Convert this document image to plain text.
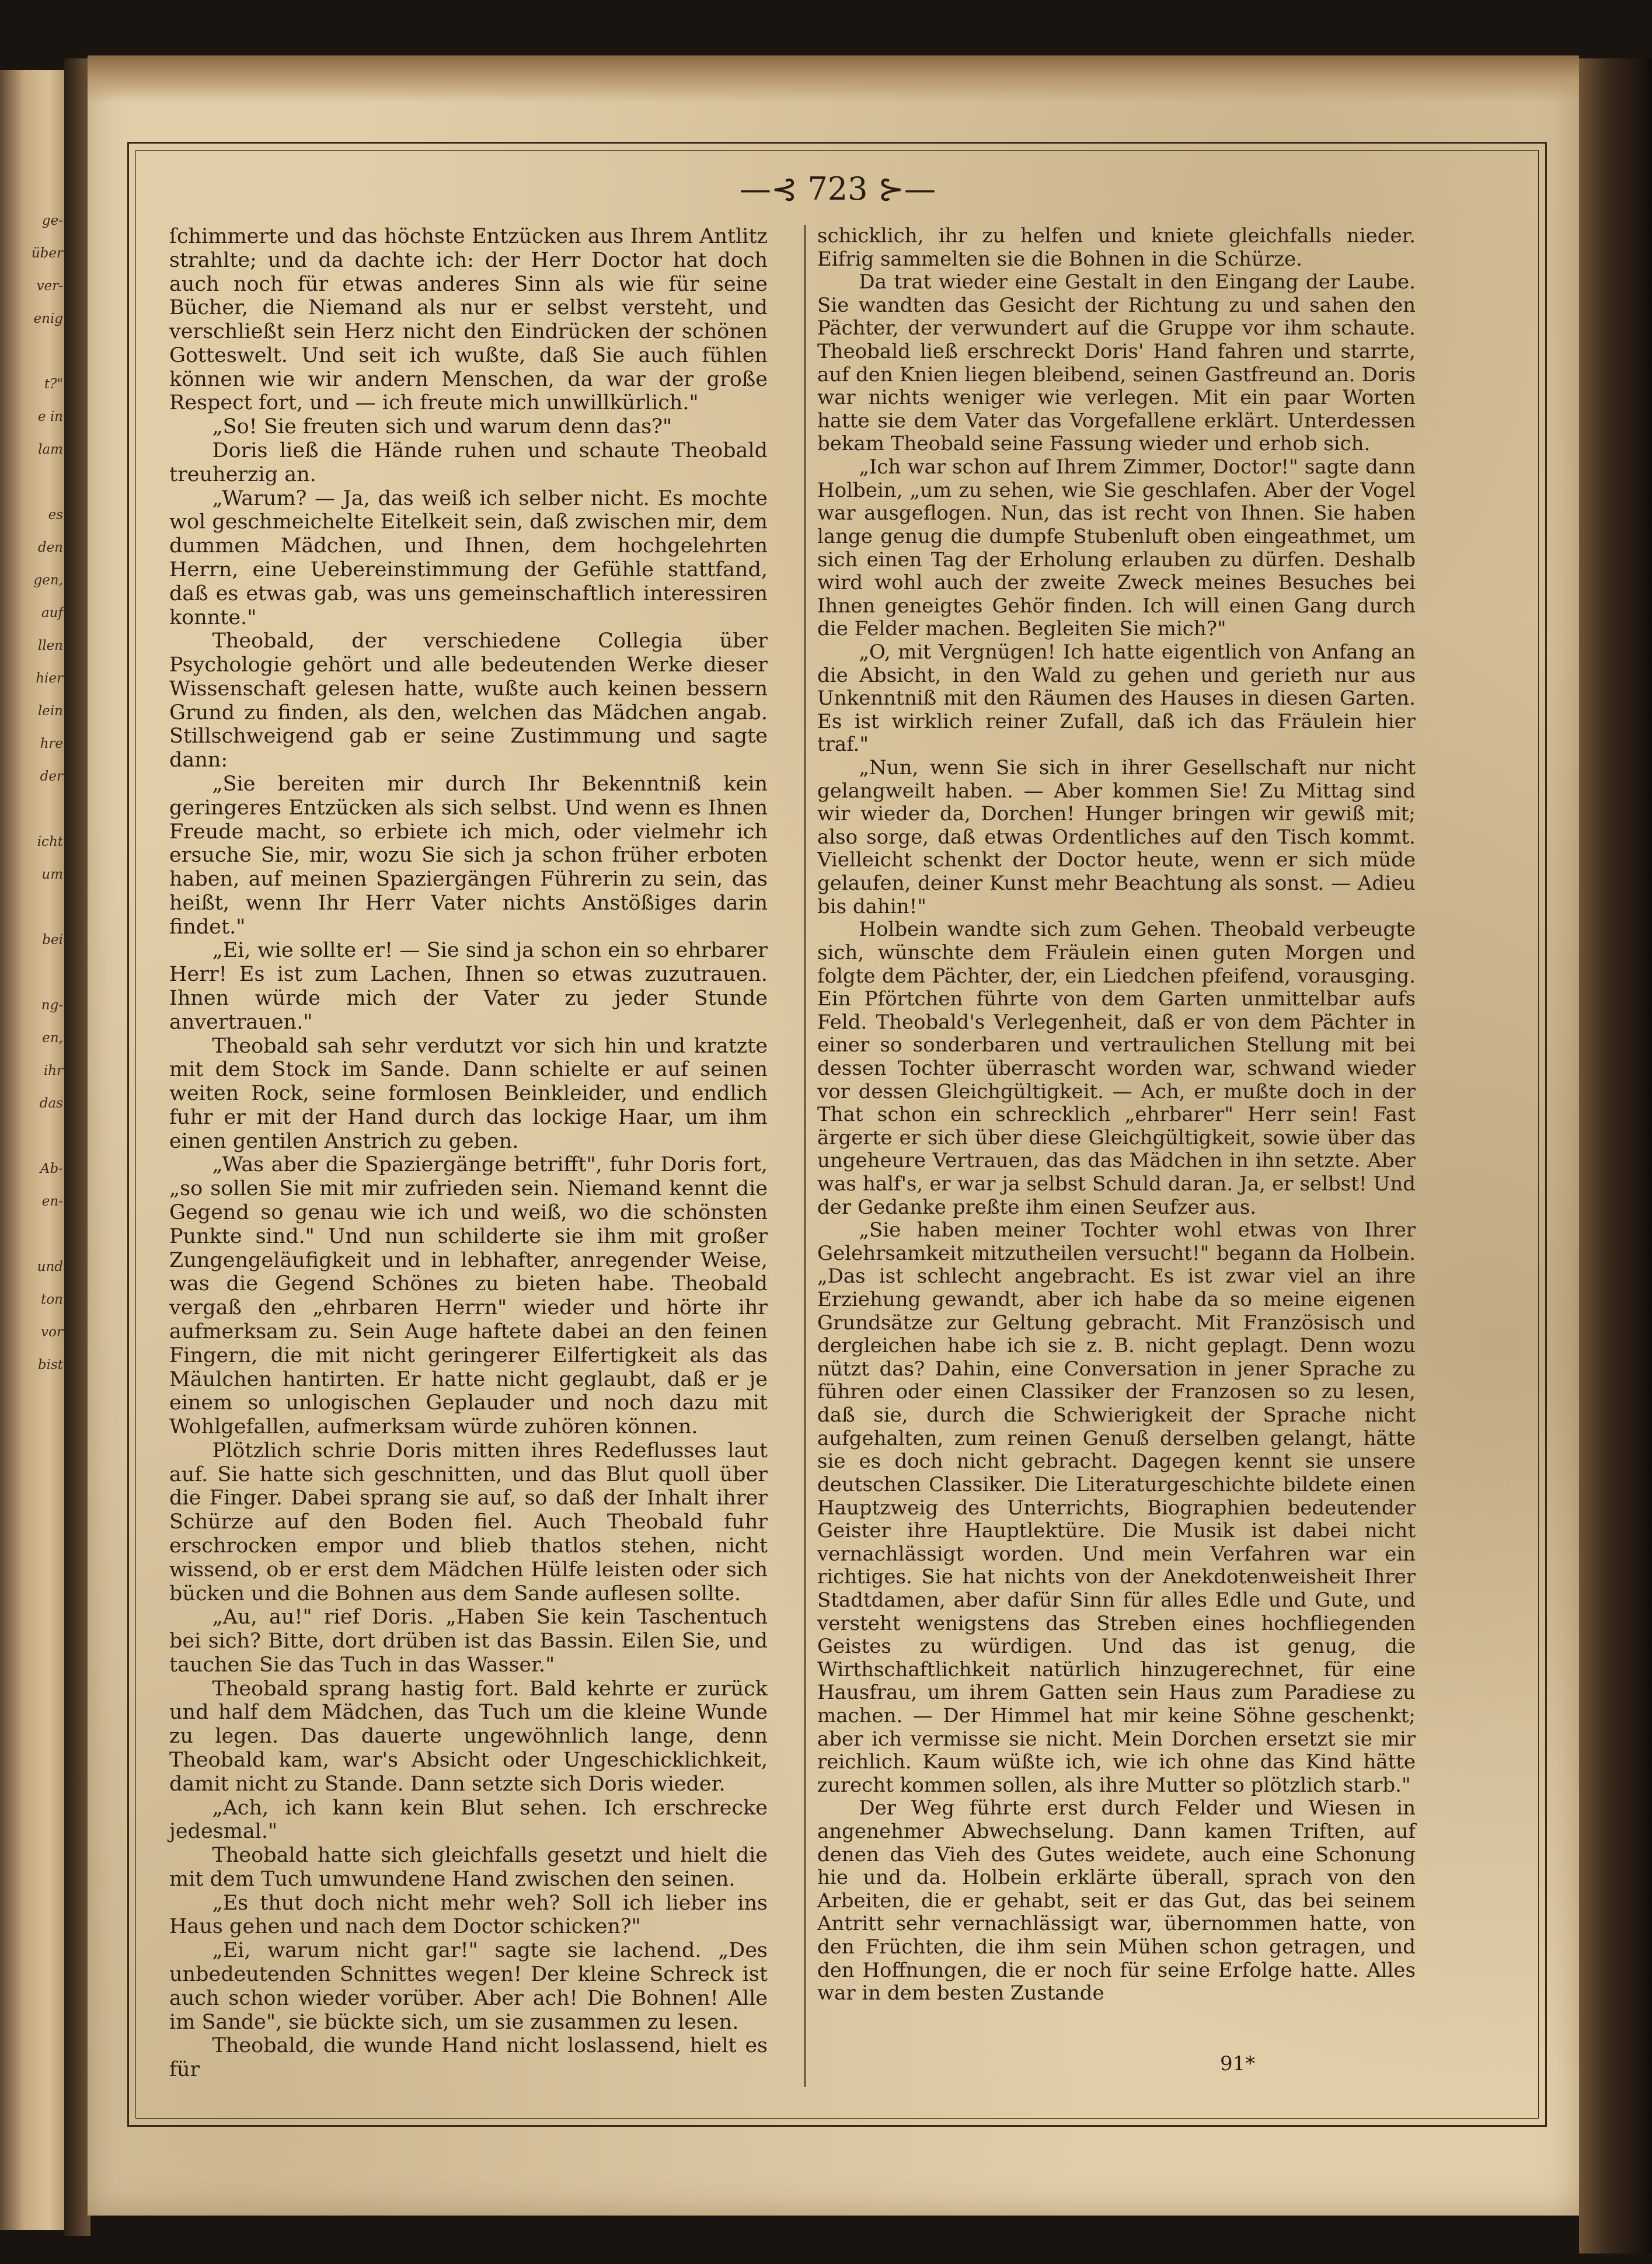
ge-
über
ver-
enig

t?"
e in
lam

es
den
gen,
auf
llen
hier
lein
hre
der

icht
um

bei

ng-
en,
ihr
das

Ab-
en-

und
ton
vor
bist
—⊰ 723 ⊱—

ſchimmerte und das höchste Entzücken aus Ihrem Antlitz strahlte; und da dachte ich: der Herr Doctor hat doch auch noch für etwas anderes Sinn als wie für seine Bücher, die Niemand als nur er selbst versteht, und verschließt sein Herz nicht den Eindrücken der schönen Gotteswelt. Und seit ich wußte, daß Sie auch fühlen können wie wir andern Menschen, da war der große Respect fort, und — ich freute mich unwillkürlich."

„So! Sie freuten sich und warum denn das?"

Doris ließ die Hände ruhen und schaute Theobald treuherzig an.

„Warum? — Ja, das weiß ich selber nicht. Es mochte wol geschmeichelte Eitelkeit sein, daß zwischen mir, dem dummen Mädchen, und Ihnen, dem hochgelehrten Herrn, eine Uebereinstimmung der Gefühle stattfand, daß es etwas gab, was uns gemeinschaftlich interessiren konnte."

Theobald, der verschiedene Collegia über Psychologie gehört und alle bedeutenden Werke dieser Wissenschaft gelesen hatte, wußte auch keinen bessern Grund zu finden, als den, welchen das Mädchen angab. Stillschweigend gab er seine Zustimmung und sagte dann:

„Sie bereiten mir durch Ihr Bekenntniß kein geringeres Entzücken als sich selbst. Und wenn es Ihnen Freude macht, so erbiete ich mich, oder vielmehr ich ersuche Sie, mir, wozu Sie sich ja schon früher erboten haben, auf meinen Spaziergängen Führerin zu sein, das heißt, wenn Ihr Herr Vater nichts Anstößiges darin findet."

„Ei, wie sollte er! — Sie sind ja schon ein so ehrbarer Herr! Es ist zum Lachen, Ihnen so etwas zuzutrauen. Ihnen würde mich der Vater zu jeder Stunde anvertrauen."

Theobald sah sehr verdutzt vor sich hin und kratzte mit dem Stock im Sande. Dann schielte er auf seinen weiten Rock, seine formlosen Beinkleider, und endlich fuhr er mit der Hand durch das lockige Haar, um ihm einen gentilen Anstrich zu geben.

„Was aber die Spaziergänge betrifft", fuhr Doris fort, „so sollen Sie mit mir zufrieden sein. Niemand kennt die Gegend so genau wie ich und weiß, wo die schönsten Punkte sind." Und nun schilderte sie ihm mit großer Zungengeläufigkeit und in lebhafter, anregender Weise, was die Gegend Schönes zu bieten habe. Theobald vergaß den „ehrbaren Herrn" wieder und hörte ihr aufmerksam zu. Sein Auge haftete dabei an den feinen Fingern, die mit nicht geringerer Eilfertigkeit als das Mäulchen hantirten. Er hatte nicht geglaubt, daß er je einem so unlogischen Geplauder und noch dazu mit Wohlgefallen, aufmerksam würde zuhören können.

Plötzlich schrie Doris mitten ihres Redeflusses laut auf. Sie hatte sich geschnitten, und das Blut quoll über die Finger. Dabei sprang sie auf, so daß der Inhalt ihrer Schürze auf den Boden fiel. Auch Theobald fuhr erschrocken empor und blieb thatlos stehen, nicht wissend, ob er erst dem Mädchen Hülfe leisten oder sich bücken und die Bohnen aus dem Sande auflesen sollte.

„Au, au!" rief Doris. „Haben Sie kein Taschentuch bei sich? Bitte, dort drüben ist das Bassin. Eilen Sie, und tauchen Sie das Tuch in das Wasser."

Theobald sprang hastig fort. Bald kehrte er zurück und half dem Mädchen, das Tuch um die kleine Wunde zu legen. Das dauerte ungewöhnlich lange, denn Theobald kam, war's Absicht oder Ungeschicklichkeit, damit nicht zu Stande. Dann setzte sich Doris wieder.

„Ach, ich kann kein Blut sehen. Ich erschrecke jedesmal."

Theobald hatte sich gleichfalls gesetzt und hielt die mit dem Tuch umwundene Hand zwischen den seinen.

„Es thut doch nicht mehr weh? Soll ich lieber ins Haus gehen und nach dem Doctor schicken?"

„Ei, warum nicht gar!" sagte sie lachend. „Des unbedeutenden Schnittes wegen! Der kleine Schreck ist auch schon wieder vorüber. Aber ach! Die Bohnen! Alle im Sande", sie bückte sich, um sie zusammen zu lesen.

Theobald, die wunde Hand nicht loslassend, hielt es für

schicklich, ihr zu helfen und kniete gleichfalls nieder. Eifrig sammelten sie die Bohnen in die Schürze.

Da trat wieder eine Gestalt in den Eingang der Laube. Sie wandten das Gesicht der Richtung zu und sahen den Pächter, der verwundert auf die Gruppe vor ihm schaute. Theobald ließ erschreckt Doris' Hand fahren und starrte, auf den Knien liegen bleibend, seinen Gastfreund an. Doris war nichts weniger wie verlegen. Mit ein paar Worten hatte sie dem Vater das Vorgefallene erklärt. Unterdessen bekam Theobald seine Fassung wieder und erhob sich.

„Ich war schon auf Ihrem Zimmer, Doctor!" sagte dann Holbein, „um zu sehen, wie Sie geschlafen. Aber der Vogel war ausgeflogen. Nun, das ist recht von Ihnen. Sie haben lange genug die dumpfe Stubenluft oben eingeathmet, um sich einen Tag der Erholung erlauben zu dürfen. Deshalb wird wohl auch der zweite Zweck meines Besuches bei Ihnen geneigtes Gehör finden. Ich will einen Gang durch die Felder machen. Begleiten Sie mich?"

„O, mit Vergnügen! Ich hatte eigentlich von Anfang an die Absicht, in den Wald zu gehen und gerieth nur aus Unkenntniß mit den Räumen des Hauses in diesen Garten. Es ist wirklich reiner Zufall, daß ich das Fräulein hier traf."

„Nun, wenn Sie sich in ihrer Gesellschaft nur nicht gelangweilt haben. — Aber kommen Sie! Zu Mittag sind wir wieder da, Dorchen! Hunger bringen wir gewiß mit; also sorge, daß etwas Ordentliches auf den Tisch kommt. Vielleicht schenkt der Doctor heute, wenn er sich müde gelaufen, deiner Kunst mehr Beachtung als sonst. — Adieu bis dahin!"

Holbein wandte sich zum Gehen. Theobald verbeugte sich, wünschte dem Fräulein einen guten Morgen und folgte dem Pächter, der, ein Liedchen pfeifend, vorausging. Ein Pförtchen führte von dem Garten unmittelbar aufs Feld. Theobald's Verlegenheit, daß er von dem Pächter in einer so sonderbaren und vertraulichen Stellung mit bei dessen Tochter überrascht worden war, schwand wieder vor dessen Gleichgültigkeit. — Ach, er mußte doch in der That schon ein schrecklich „ehrbarer" Herr sein! Fast ärgerte er sich über diese Gleichgültigkeit, sowie über das ungeheure Vertrauen, das das Mädchen in ihn setzte. Aber was half's, er war ja selbst Schuld daran. Ja, er selbst! Und der Gedanke preßte ihm einen Seufzer aus.

„Sie haben meiner Tochter wohl etwas von Ihrer Gelehrsamkeit mitzutheilen versucht!" begann da Holbein. „Das ist schlecht angebracht. Es ist zwar viel an ihre Erziehung gewandt, aber ich habe da so meine eigenen Grundsätze zur Geltung gebracht. Mit Französisch und dergleichen habe ich sie z. B. nicht geplagt. Denn wozu nützt das? Dahin, eine Conversation in jener Sprache zu führen oder einen Classiker der Franzosen so zu lesen, daß sie, durch die Schwierigkeit der Sprache nicht aufgehalten, zum reinen Genuß derselben gelangt, hätte sie es doch nicht gebracht. Dagegen kennt sie unsere deutschen Classiker. Die Literaturgeschichte bildete einen Hauptzweig des Unterrichts, Biographien bedeutender Geister ihre Hauptlektüre. Die Musik ist dabei nicht vernachlässigt worden. Und mein Verfahren war ein richtiges. Sie hat nichts von der Anekdotenweisheit Ihrer Stadtdamen, aber dafür Sinn für alles Edle und Gute, und versteht wenigstens das Streben eines hochfliegenden Geistes zu würdigen. Und das ist genug, die Wirthschaftlichkeit natürlich hinzugerechnet, für eine Hausfrau, um ihrem Gatten sein Haus zum Paradiese zu machen. — Der Himmel hat mir keine Söhne geschenkt; aber ich vermisse sie nicht. Mein Dorchen ersetzt sie mir reichlich. Kaum wüßte ich, wie ich ohne das Kind hätte zurecht kommen sollen, als ihre Mutter so plötzlich starb."

Der Weg führte erst durch Felder und Wiesen in angenehmer Abwechselung. Dann kamen Triften, auf denen das Vieh des Gutes weidete, auch eine Schonung hie und da. Holbein erklärte überall, sprach von den Arbeiten, die er gehabt, seit er das Gut, das bei seinem Antritt sehr vernachlässigt war, übernommen hatte, von den Früchten, die ihm sein Mühen schon getragen, und den Hoffnungen, die er noch für seine Erfolge hatte. Alles war in dem besten Zustande

91*
